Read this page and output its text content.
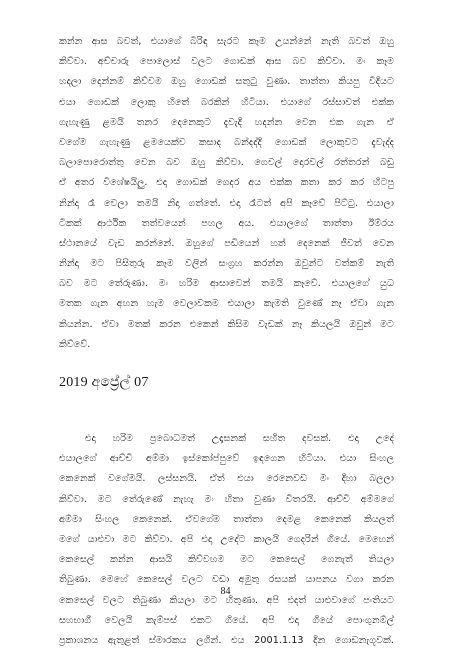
කන්න ආස බවත්, එයාගේ බිරිඳ සැරට කෑම උයන්නේ නැති බවත් ඔහු
කිව්වා. අච්චාරු පොලොස් වලට ගොඩක් ආස බව කිව්වා. මං කෑම
හදලා දෙන්නම් කිව්වම ඔහු ගොඩක් සතුටු වුණා. තාත්තා කියපු විදියට
එයා ගොඩක් ලොකු හිතේ බරකින් හිටියා. එයාගේ රස්සාවත් එක්ක
ගැහැණු ළමයි තනර දෙනෙකුට දැවැදි හදන්න වෙන එක ගැන ඒ
වගේම ගැහැණු ළමයෙක්ව කසාද බන්දද්දි ගොඩක් ලොකුවට දැවැද්ද
බලාපොරොත්තු වෙන බව ඔහු කිව්වා. ගෙවල් දොරවල් රත්තරන් බඩු
ඒ අතර විශේෂයිලු. එදා ගොඩක් ගෙදර අය එක්ක කතා කර කර හිටපු
නින්දා රෑ වෙලා තමයි නිදා ගත්තේ. එදා රෑටත් අපි කෑවේ පිට්ටු. එයාලා
ටිකක් ආර්ථික තත්වයෙන් පහල අය. එයාලගේ තාත්තා ඊම්රය
ස්ථානයේ වැඩ කරන්නේ. ඔහුගේ පඩියෙන් හත් දෙනෙක් ජීවත් වෙන
නින්දා මට පිසිතුරු කෑම වලින් සංග්‍රහ කරන්න ඔවුන්ට වත්කම් නැති
බව මට තේරුණා. මං හරිම ආසාවෙන් තමයි කෑවේ. එයාලගේ යුධ
මතක ගැන අහන හැම වෙලාවකම එයාලා කැමති වුණේ නෑ ඒවා ගැන
කියන්න. ඒවා මතක් කරන එකෙන් කිසිම වැඩක් නෑ කියලයි ඔවුන් මට
කිව්වේ.
2019 අප්‍රේල් 07
එදා හරිම ප්‍රබොධමත් උදෑසනක් සහිත දවසක්. එදා උදේ
එයාලගේ ආච්චි අම්මා ඉස්කෝප්පුවේ ඉඳගෙන හිටියා. එයා සිංහල
කෙනෙක් වගේමයි. ලස්සනයි. ඒත් එයා රෙනෙවඩ මං දිහා බලලා
කිව්වා. මට තේරුණේ නැහැ මං හිතා වුණා විතරයි. ආච්චි අම්මගේ
අම්මා සිංහල කෙනෙක්. ඒවගේම තාත්තා දෙමළ කෙනෙක් කියලත්
මගේ යාළුවා මට කිව්වා. අපි එදා උදේට කාලයි ගෙදරින් ගියේ. මෙහෙන්
කෙසෙල් කන්න ආසයි කිව්වහම මට කෙසෙල් ගෙනැත් තියලා
තිබුණා. මෙහේ කෙසෙල් වලට වඩා අමුතු රසයක් යාපනය වගා කරන
කෙසෙල් වලට තිබුණා කියලා මට හිතුණා. අපි එදත් යාළුවාගේ පංතියට
සහභාගී වෙලයි කැම්පස් එකට ගියේ. අපි එදා ගියේ පොංගුනම්ල්
ප්‍රකාශනය ඇතුළත් ස්මාරකය ලගින්. එය 2001.1.13 දින ගොඩනැගූවක්.
84
